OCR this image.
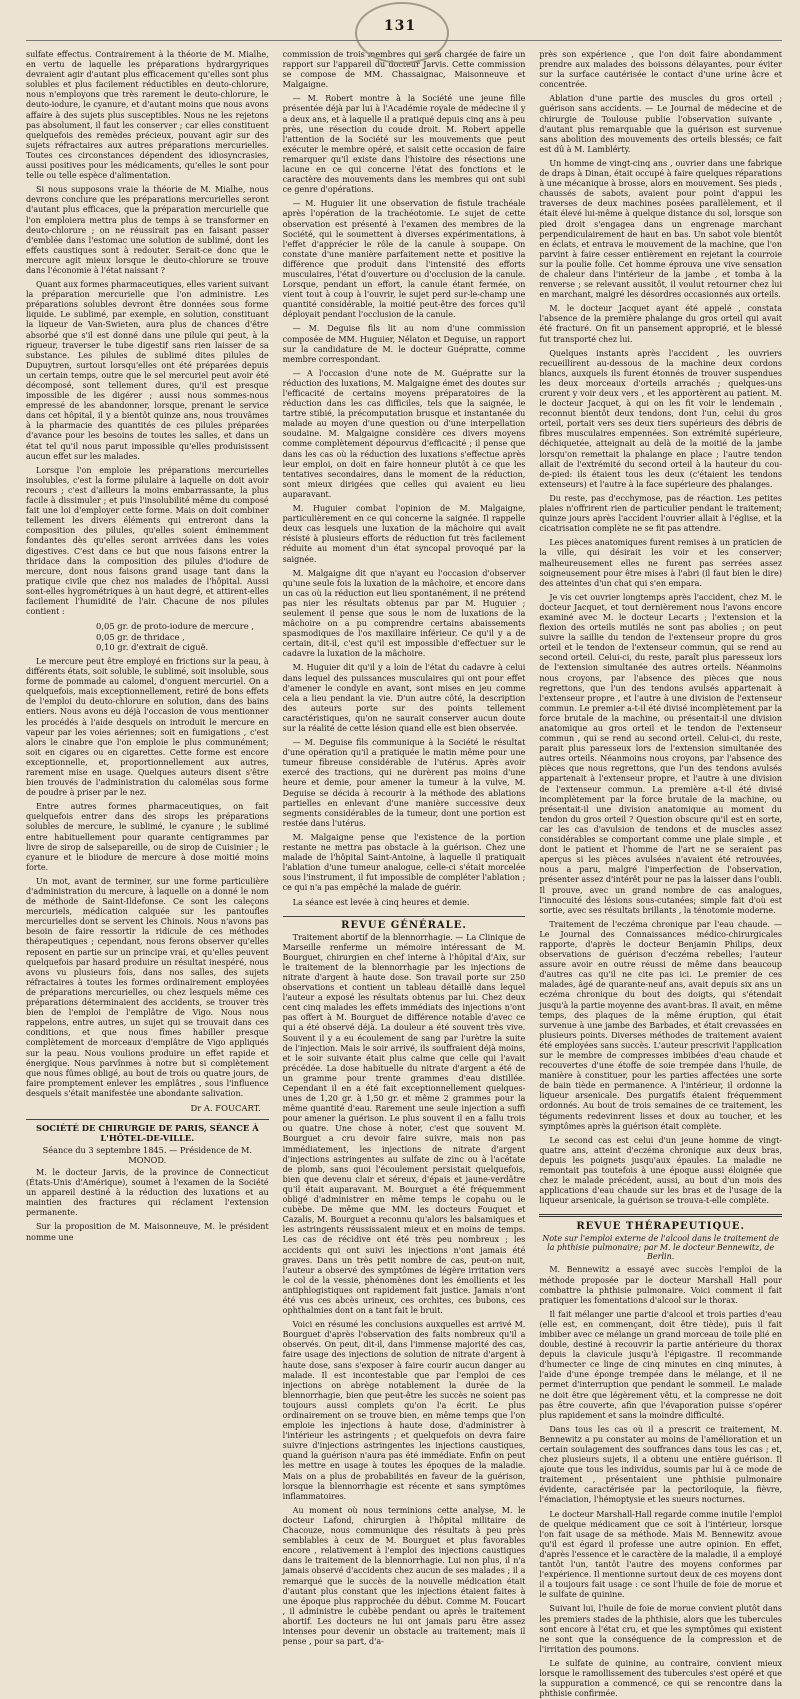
131

sulfate effectus. Contrairement à la théorie de M. Mialhe, en vertu de laquelle les préparations hydrargyriques devraient agir d'autant plus efficacement qu'elles sont plus solubles et plus facilement réductibles en deuto-chlorure, nous n'employons que très rarement le deuto-chlorure, le deuto-iodure, le cyanure, et d'autant moins que nous avons affaire à des sujets plus susceptibles. Nous ne les rejetons pas absolument, il faut les conserver ; car elles constituent quelquefois des remèdes précieux, pouvant agir sur des sujets réfractaires aux autres préparations mercurielles. Toutes ces circonstances dépendent des idiosyncrasies, aussi positives pour les médicaments, qu'elles le sont pour telle ou telle espèce d'alimentation.

Si nous supposons vraie la théorie de M. Mialhe, nous devrons conclure que les préparations mercurielles seront d'autant plus efficaces, que la préparation mercurielle que l'on emploiera mettra plus de temps à se transformer en deuto-chlorure ; on ne réussirait pas en faisant passer d'emblée dans l'estomac une solution de sublimé, dont les effets caustiques sont à redouter. Serait-ce donc que le mercure agit mieux lorsque le deuto-chlorure se trouve dans l'économie à l'état naissant ?

Quant aux formes pharmaceutiques, elles varient suivant la préparation mercurielle que l'on administre. Les préparations solubles devront être données sous forme liquide. Le sublimé, par exemple, en solution, constituant la liqueur de Van-Swieten, aura plus de chances d'être absorbé que s'il est donné dans une pilule qui peut, à la rigueur, traverser le tube digestif sans rien laisser de sa substance. Les pilules de sublimé dites pilules de Dupuytren, surtout lorsqu'elles ont été préparées depuis un certain temps, outre que le sel mercuriel peut avoir été décomposé, sont tellement dures, qu'il est presque impossible de les digérer ; aussi nous sommes-nous empressé de les abandonner, lorsque, prenant le service dans cet hôpital, il y a bientôt quinze ans, nous trouvâmes à la pharmacie des quantités de ces pilules préparées d'avance pour les besoins de toutes les salles, et dans un état tel qu'il nous parut impossible qu'elles produisissent aucun effet sur les malades.

Lorsque l'on emploie les préparations mercurielles insolubles, c'est la forme pilulaire à laquelle on doit avoir recours ; c'est d'ailleurs la moins embarrassante, la plus facile à dissimuler ; et puis l'insolubilité même du composé fait une loi d'employer cette forme. Mais on doit combiner tellement les divers éléments qui entreront dans la composition des pilules, qu'elles soient éminemment fondantes dès qu'elles seront arrivées dans les voies digestives. C'est dans ce but que nous faisons entrer la thridace dans la composition des pilules d'iodure de mercure, dont nous faisons grand usage tant dans la pratique civile que chez nos malades de l'hôpital. Aussi sont-elles hygrométriques à un haut degré, et attirent-elles facilement l'humidité de l'air. Chacune de nos pilules contient :

0,05 gr. de proto-iodure de mercure ,
0,05 gr. de thridace ,
0,10 gr. d'extrait de ciguë.

Le mercure peut être employé en frictions sur la peau, à différents états, soit soluble, le sublimé, soit insoluble, sous forme de pommade au calomel, d'onguent mercuriel. On a quelquefois, mais exceptionnellement, retiré de bons effets de l'emploi du deuto-chlorure en solution, dans des bains entiers. Nous avons eu déjà l'occasion de vous mentionner les procédés à l'aide desquels on introduit le mercure en vapeur par les voies aériennes; soit en fumigations , c'est alors le cinabre que l'on emploie le plus communément; soit en cigares ou en cigarettes. Cette forme est encore exceptionnelle, et, proportionnellement aux autres, rarement mise en usage. Quelques auteurs disent s'être bien trouvés de l'administration du calomélas sous forme de poudre à priser par le nez.

Entre autres formes pharmaceutiques, on fait quelquefois entrer dans des sirops les préparations solubles de mercure, le sublimé, le cyanure ; le sublimé entre habituellement pour quarante centigrammes par livre de sirop de salsepareille, ou de sirop de Cuisinier ; le cyanure et le biiodure de mercure à dose moitié moins forte.

Un mot, avant de terminer, sur une forme particulière d'administration du mercure, à laquelle on a donné le nom de méthode de Saint-Ildefonse. Ce sont les caleçons mercuriels, médication calquée sur les pantoufles mercurielles dont se servent les Chinois. Nous n'avons pas besoin de faire ressortir la ridicule de ces méthodes thérapeutiques ; cependant, nous ferons observer qu'elles reposent en partie sur un principe vrai, et qu'elles peuvent quelquefois par hasard produire un résultat inespéré, nous avons vu plusieurs fois, dans nos salles, des sujets réfractaires à toutes les formes ordinairement employées de préparations mercurielles, ou chez lesquels même ces préparations déterminaient des accidents, se trouver très bien de l'emploi de l'emplâtre de Vigo. Nous nous rappelons, entre autres, un sujet qui se trouvait dans ces conditions, et que nous fîmes habiller presque complètement de morceaux d'emplâtre de Vigo appliqués sur la peau. Nous voulions produire un effet rapide et énergique. Nous parvînmes à notre but si complètement que nous fûmes obligé, au bout de trois ou quatre jours, de faire promptement enlever les emplâtres , sous l'influence desquels s'était manifestée une abondante salivation.

Dr A. FOUCART.
SOCIÉTÉ DE CHIRURGIE DE PARIS, SÉANCE À L'HÔTEL-DE-VILLE.
Séance du 3 septembre 1845. — Présidence de M. MONOD.

M. le docteur Jarvis, de la province de Connecticut (États-Unis d'Amérique), soumet à l'examen de la Société un appareil destiné à la réduction des luxations et au maintien des fractures qui réclament l'extension permanente.

Sur la proposition de M. Maisonneuve, M. le président nomme une

commission de trois membres qui sera chargée de faire un rapport sur l'appareil du docteur Jarvis. Cette commission se compose de MM. Chassaignac, Maisonneuve et Malgaigne.

— M. Robert montre à la Société une jeune fille présentée déjà par lui à l'Académie royale de médecine il y a deux ans, et à laquelle il a pratiqué depuis cinq ans à peu près, une résection du coude droit. M. Robert appelle l'attention de la Société sur les mouvements que peut exécuter le membre opéré, et saisit cette occasion de faire remarquer qu'il existe dans l'histoire des résections une lacune en ce qui concerne l'état des fonctions et le caractère des mouvements dans les membres qui ont subi ce genre d'opérations.

— M. Huguier lit une observation de fistule trachéale après l'opération de la trachéotomie. Le sujet de cette observation est présenté à l'examen des membres de la Société, qui le soumettent à diverses expérimentations, à l'effet d'apprécier le rôle de la canule à soupape. On constate d'une manière parfaitement nette et positive la différence que produit dans l'intensité des efforts musculaires, l'état d'ouverture ou d'occlusion de la canule. Lorsque, pendant un effort, la canule étant fermée, on vient tout à coup à l'ouvrir, le sujet perd sur-le-champ une quantité considérable, la moitié peut-être des forces qu'il déployait pendant l'occlusion de la canule.

— M. Deguise fils lit au nom d'une commission composée de MM. Huguier, Nélaton et Deguise, un rapport sur la candidature de M. le docteur Guépratte, comme membre correspondant.

— A l'occasion d'une note de M. Guépratte sur la réduction des luxations, M. Malgaigne émet des doutes sur l'efficacité de certains moyens préparatoires de la réduction dans les cas difficiles, tels que la saignée, le tartre stibié, la précomputation brusque et instantanée du malade au moyen d'une question ou d'une interpellation soudaine. M. Malgaigne considère ces divers moyens comme complètement dépourvus d'efficacité ; il pense que dans les cas où la réduction des luxations s'effectue après leur emploi, on doit en faire honneur plutôt à ce que les tentatives secondaires, dans le moment de la réduction, sont mieux dirigées que celles qui avaient eu lieu auparavant.

M. Huguier combat l'opinion de M. Malgaigne, particulièrement en ce qui concerne la saignée. Il rappelle deux cas lesquels une luxation de la mâchoire qui avait résisté à plusieurs efforts de réduction fut très facilement réduite au moment d'un état syncopal provoqué par la saignée.

M. Malgaigne dit que n'ayant eu l'occasion d'observer qu'une seule fois la luxation de la mâchoire, et encore dans un cas où la réduction eut lieu spontanément, il ne prétend pas nier les résultats obtenus par par M. Huguier ; seulement il pense que sous le nom de luxations de la mâchoire on a pu comprendre certains abaissements spasmodiques de l'os maxillaire inférieur. Ce qu'il y a de certain, dit-il, c'est qu'il est impossible d'effectuer sur le cadavre la luxation de la mâchoire.

M. Huguier dit qu'il y a loin de l'état du cadavre à celui dans lequel des puissances musculaires qui ont pour effet d'amener le condyle en avant, sont mises en jeu comme cela a lieu pendant la vie. D'un autre côté, la description des auteurs porte sur des points tellement caractéristiques, qu'on ne saurait conserver aucun doute sur la réalité de cette lésion quand elle est bien observée.

— M. Deguise fils communique à la Société le résultat d'une opération qu'il a pratiquée le matin même pour une tumeur fibreuse considérable de l'utérus. Après avoir exercé des tractions, qui ne durèrent pas moins d'une heure et demie, pour amener la tumeur à la vulve, M. Deguise se décida à recourir à la méthode des ablations partielles en enlevant d'une manière successive deux segments considérables de la tumeur, dont une portion est restée dans l'utérus.

M. Malgaigne pense que l'existence de la portion restante ne mettra pas obstacle à la guérison. Chez une malade de l'hôpital Saint-Antoine, à laquelle il pratiquait l'ablation d'une tumeur analogue, celle-ci s'était morcelée sous l'instrument, il fut impossible de compléter l'ablation ; ce qui n'a pas empêché la malade de guérir.

La séance est levée à cinq heures et demie.

REVUE GÉNÉRALE.

Traitement abortif de la blennorrhagie. — La Clinique de Marseille renferme un mémoire intéressant de M. Bourguet, chirurgien en chef interne à l'hôpital d'Aix, sur le traitement de la blennorrhagie par les injections de nitrate d'argent à haute dose. Son travail porte sur 250 observations et contient un tableau détaillé dans lequel l'auteur a exposé les résultats obtenus par lui. Chez deux cent cinq malades les effets immédiats des injections n'ont pas offert à M. Bourguet de différence notable d'avec ce qui a été observé déjà. La douleur a été souvent très vive. Souvent il y a eu écoulement de sang par l'urètre la suite de l'injection. Mais le soir arrivé, ils souffraient déjà moins, et le soir suivante était plus calme que celle qui l'avait précédée. La dose habituelle du nitrate d'argent a été de un gramme pour trente grammes d'eau distillée. Cependant il en a été fait exceptionnellement quelques-unes de 1,20 gr. à 1,50 gr. et même 2 grammes pour la même quantité d'eau. Rarement une seule injection a suffi pour amener la guérison. Le plus souvent il en a fallu trois ou quatre. Une chose à noter, c'est que souvent M. Bourguet a cru devoir faire suivre, mais non pas immédiatement, les injections de nitrate d'argent d'injections astringentes au sulfate de zinc ou à l'acétate de plomb, sans quoi l'écoulement persistait quelquefois, bien que devenu clair et séreux, d'épais et jaune-verdâtre qu'il était auparavant. M. Bourguet a été fréquemment obligé d'administrer en même temps le copahu ou le cubèbe. De même que MM. les docteurs Fouquet et Cazalis, M. Bourguet a reconnu qu'alors les balsamiques et les astringents réussissaient mieux et en moins de temps. Les cas de récidive ont été très peu nombreux ; les accidents qui ont suivi les injections n'ont jamais été graves. Dans un très petit nombre de cas, peut-on nuit, l'auteur a observé des symptômes de légère irritation vers le col de la vessie, phénomènes dont les émollients et les antiphlogistiques ont rapidement fait justice. Jamais n'ont été vus ces abcès urineux, ces orchites, ces bubons, ces ophthalmies dont on a tant fait le bruit.

Voici en résumé les conclusions auxquelles est arrivé M. Bourguet d'après l'observation des faits nombreux qu'il a observés. On peut, dit-il, dans l'immense majorité des cas, faire usage des injections de solution de nitrate d'argent à haute dose, sans s'exposer à faire courir aucun danger au malade. Il est incontestable que par l'emploi de ces injections on abrège notablement la durée de la blennorrhagie, bien que peut-être les succès ne soient pas toujours aussi complets qu'on l'a écrit. Le plus ordinairement on se trouve bien, en même temps que l'on emploie les injections à haute dose, d'administrer à l'intérieur les astringents ; et quelquefois on devra faire suivre d'injections astringentes les injections caustiques, quand la guérison n'aura pas été immédiate. Enfin on peut les mettre en usage à toutes les époques de la maladie. Mais on a plus de probabilités en faveur de la guérison, lorsque la blennorrhagie est récente et sans symptômes inflammatoires.

Au moment où nous terminions cette analyse, M. le docteur Lafond, chirurgien à l'hôpital militaire de Chacouze, nous communique des résultats à peu près semblables à ceux de M. Bourguet et plus favorables encore , relativement à l'emploi des injections caustiques dans le traitement de la blennorrhagie. Lui non plus, il n'a jamais observé d'accidents chez aucun de ses malades ; il a remarqué que le succès de la nouvelle médication était d'autant plus constant que les injections étaient faites à une époque plus rapprochée du début. Comme M. Foucart , il administre le cubèbe pendant ou après le traitement abortif. Les docteurs ne lui ont jamais paru être assez intenses pour devenir un obstacle au traitement; mais il pense , pour sa part, d'a-

près son expérience , que l'on doit faire abondamment prendre aux malades des boissons délayantes, pour éviter sur la surface cautérisée le contact d'une urine âcre et concentrée.

Ablation d'une partie des muscles du gros orteil ; guérison sans accidents. — Le Journal de médecine et de chirurgie de Toulouse publie l'observation suivante , d'autant plus remarquable que la guérison est survenue sans abolition des mouvements des orteils blessés; ce fait est dû à M. Lamblérty.

Un homme de vingt-cinq ans , ouvrier dans une fabrique de draps à Dinan, était occupé à faire quelques réparations à une mécanique à brosse, alors en mouvement. Ses pieds , chaussés de sabots, avaient pour point d'appui les traverses de deux machines posées parallèlement, et il était élevé lui-même à quelque distance du sol, lorsque son pied droit s'engagea dans un engrenage marchant perpendiculairement de haut en bas. Un sabot vole bientôt en éclats, et entrava le mouvement de la machine, que l'on parvint à faire cesser entièrement en rejetant la courroie sur la poulie folle. Cet homme éprouva une vive sensation de chaleur dans l'intérieur de la jambe , et tomba à la renverse ; se relevant aussitôt, il voulut retourner chez lui en marchant, malgré les désordres occasionnés aux orteils.

M. le docteur Jacquet ayant été appelé , constata l'absence de la première phalange du gros orteil qui avait été fracturé. On fit un pansement approprié, et le blessé fut transporté chez lui.

Quelques instants après l'accident , les ouvriers recueillirent au-dessous de la machine deux cordons blancs, auxquels ils furent étonnés de trouver suspendues les deux morceaux d'orteils arrachés ; quelques-uns crurent y voir deux vers , et les apportèrent au patient. M. le docteur Jacquet, à qui on les fit voir le lendemain , reconnut bientôt deux tendons, dont l'un, celui du gros orteil, portait vers ses deux tiers supérieurs des débris de fibres musculaires empennées. Son extrémité supérieure, déchiquetée, atteignait au delà de la moitié de la jambe lorsqu'on remettait la phalange en place ; l'autre tendon allait de l'extrémité du second orteil à la hauteur du cou-de-pied: ils étaient tous les deux (c'étaient les tendons extenseurs) et l'autre à la face supérieure des phalanges.

Du reste, pas d'ecchymose, pas de réaction. Les petites plaies n'offrirent rien de particulier pendant le traitement; quinze jours après l'accident l'ouvrier allait à l'église, et la cicatrisation complète ne se fit pas attendre.

Les pièces anatomiques furent remises à un praticien de la ville, qui désirait les voir et les conserver; malheureusement elles ne furent pas serrées assez soigneusement pour être mises à l'abri (il faut bien le dire) des atteintes d'un chat qui s'en empara.

Je vis cet ouvrier longtemps après l'accident, chez M. le docteur Jacquet, et tout dernièrement nous l'avons encore examiné avec M. le docteur Lecarts ; l'extension et la flexion des orteils mutilés ne sont pas abolies ; on peut suivre la saillie du tendon de l'extenseur propre du gros orteil et le tendon de l'extenseur commun, qui se rend au second orteil. Celui-ci, du reste, paraît plus paresseux lors de l'extension simultanée des autres orteils. Néanmoins nous croyons, par l'absence des pièces que nous regrettons, que l'un des tendons avulsés appartenait à l'extenseur propre , et l'autre à une division de l'extenseur commun. Le premier a-t-il été divisé incomplètement par la force brutale de la machine, ou présentait-il une division anatomique au gros orteil et le tendon de l'extenseur commun , qui se rend au second orteil. Celui-ci, du reste, parait plus paresseux lors de l'extension simultanée des autres orteils. Néanmoins nous croyons, par l'absence des pièces que nous regrettons, que l'un des tendons avulsés appartenait à l'extenseur propre, et l'autre à une division de l'extenseur commun. La première a-t-il été divisé incomplètement par la force brutale de la machine, ou présentait-il une division anatomique au moment du tendon du gros orteil ? Question obscure qu'il est en sorte, car les cas d'avulsion de tendons et de muscles assez considérables se comportant comme une plaie simple , et dont le patient et l'homme de l'art ne se seraient pas aperçus si les pièces avulsées n'avaient été retrouvées, nous a paru, malgré l'imperfection de l'observation, présenter assez d'intérêt pour ne pas la laisser dans l'oubli. Il prouve, avec un grand nombre de cas analogues, l'innocuité des lésions sous-cutanées; simple fait d'où est sortie, avec ses résultats brillants , la ténotomie moderne.

Traitement de l'eczéma chronique par l'eau chaude. — Le Journal des Connaissances médico-chirurgicales rapporte, d'après le docteur Benjamin Philips, deux observations de guérison d'eczéma rebelles; l'auteur assure avoir en outre réussi de même dans beaucoup d'autres cas qu'il ne cite pas ici. Le premier de ces malades, âgé de quarante-neuf ans, avait depuis six ans un eczéma chronique du bout des doigts, qui s'étendait jusqu'à la partie moyenne des avant-bras. Il avait, en même temps, des plaques de la même éruption, qui était survenue à une jambe des Barbades, et était crevassées en plusieurs points. Diverses méthodes de traitement avaient été employées sans succès. L'auteur prescrivit l'application sur le membre de compresses imbibées d'eau chaude et recouvertes d'une étoffe de soie trempée dans l'huile, de manière à constituer, pour les parties affectées une sorte de bain tiède en permanence. A l'intérieur, il ordonne la liqueur arsenicale. Des purgatifs étaient fréquemment ordonnés. Au bout de trois semaines de ce traitement, les téguments redevinrent lisses et doux au toucher, et les symptômes après la guérison était complète.

Le second cas est celui d'un jeune homme de vingt-quatre ans, atteint d'eczéma chronique aux deux bras, depuis les poignets jusqu'aux épaules. La maladie ne remontait pas toutefois à une époque aussi éloignée que chez le malade précédent, aussi, au bout d'un mois des applications d'eau chaude sur les bras et de l'usage de la liqueur arsenicale, la guérison se trouva-t-elle complète.

REVUE THÉRAPEUTIQUE.
Note sur l'emploi externe de l'alcool dans le traitement de la phthisie pulmonaire; par M. le docteur Bennewitz, de Berlin.

M. Bennewitz a essayé avec succès l'emploi de la méthode proposée par le docteur Marshall Hall pour combattre la phthisie pulmonaire. Voici comment il fait pratiquer les fomentations d'alcool sur le thorax.

Il fait mélanger une partie d'alcool et trois parties d'eau (elle est, en commençant, doit être tiède), puis il fait imbiber avec ce mélange un grand morceau de toile plié en double, destiné à recouvrir la partie antérieure du thorax depuis la clavicule jusqu'à l'épigastre. Il recommande d'humecter ce linge de cinq minutes en cinq minutes, à l'aide d'une éponge trempée dans le mélange, et il ne permet d'interruption que pendant le sommeil. Le malade ne doit être que légèrement vêtu, et la compresse ne doit pas être couverte, afin que l'évaporation puisse s'opérer plus rapidement et sans la moindre difficulté.

Dans tous les cas où il a prescrit ce traitement, M. Bennewitz a pu constater au moins de l'amélioration et un certain soulagement des souffrances dans tous les cas ; et, chez plusieurs sujets, il a obtenu une entière guérison. Il ajoute que tous les individus, soumis par lui à ce mode de traitement , présentaient une phthisie pulmonaire évidente, caractérisée par la pectoriloquie, la fièvre, l'émaciation, l'hémoptysie et les sueurs nocturnes.

Le docteur Marshall-Hall regarde comme inutile l'emploi de quelque médicament que ce soit à l'intérieur, lorsque l'on fait usage de sa méthode. Mais M. Bennewitz avoue qu'il est égard il professe une autre opinion. En effet, d'après l'essence et le caractère de la maladie, il a employé tantôt l'un, tantôt l'autre des moyens conformes par l'expérience. Il mentionne surtout deux de ces moyens dont il a toujours fait usage : ce sont l'huile de foie de morue et le sulfate de quinine.

Suivant lui, l'huile de foie de morue convient plutôt dans les premiers stades de la phthisie, alors que les tubercules sont encore à l'état cru, et que les symptômes qui existent ne sont que la conséquence de la compression et de l'irritation des poumons.

Le sulfate de quinine, au contraire, convient mieux lorsque le ramollissement des tubercules s'est opéré et que la suppuration a commencé, ce qui se rencontre dans la phthisie confirmée.
